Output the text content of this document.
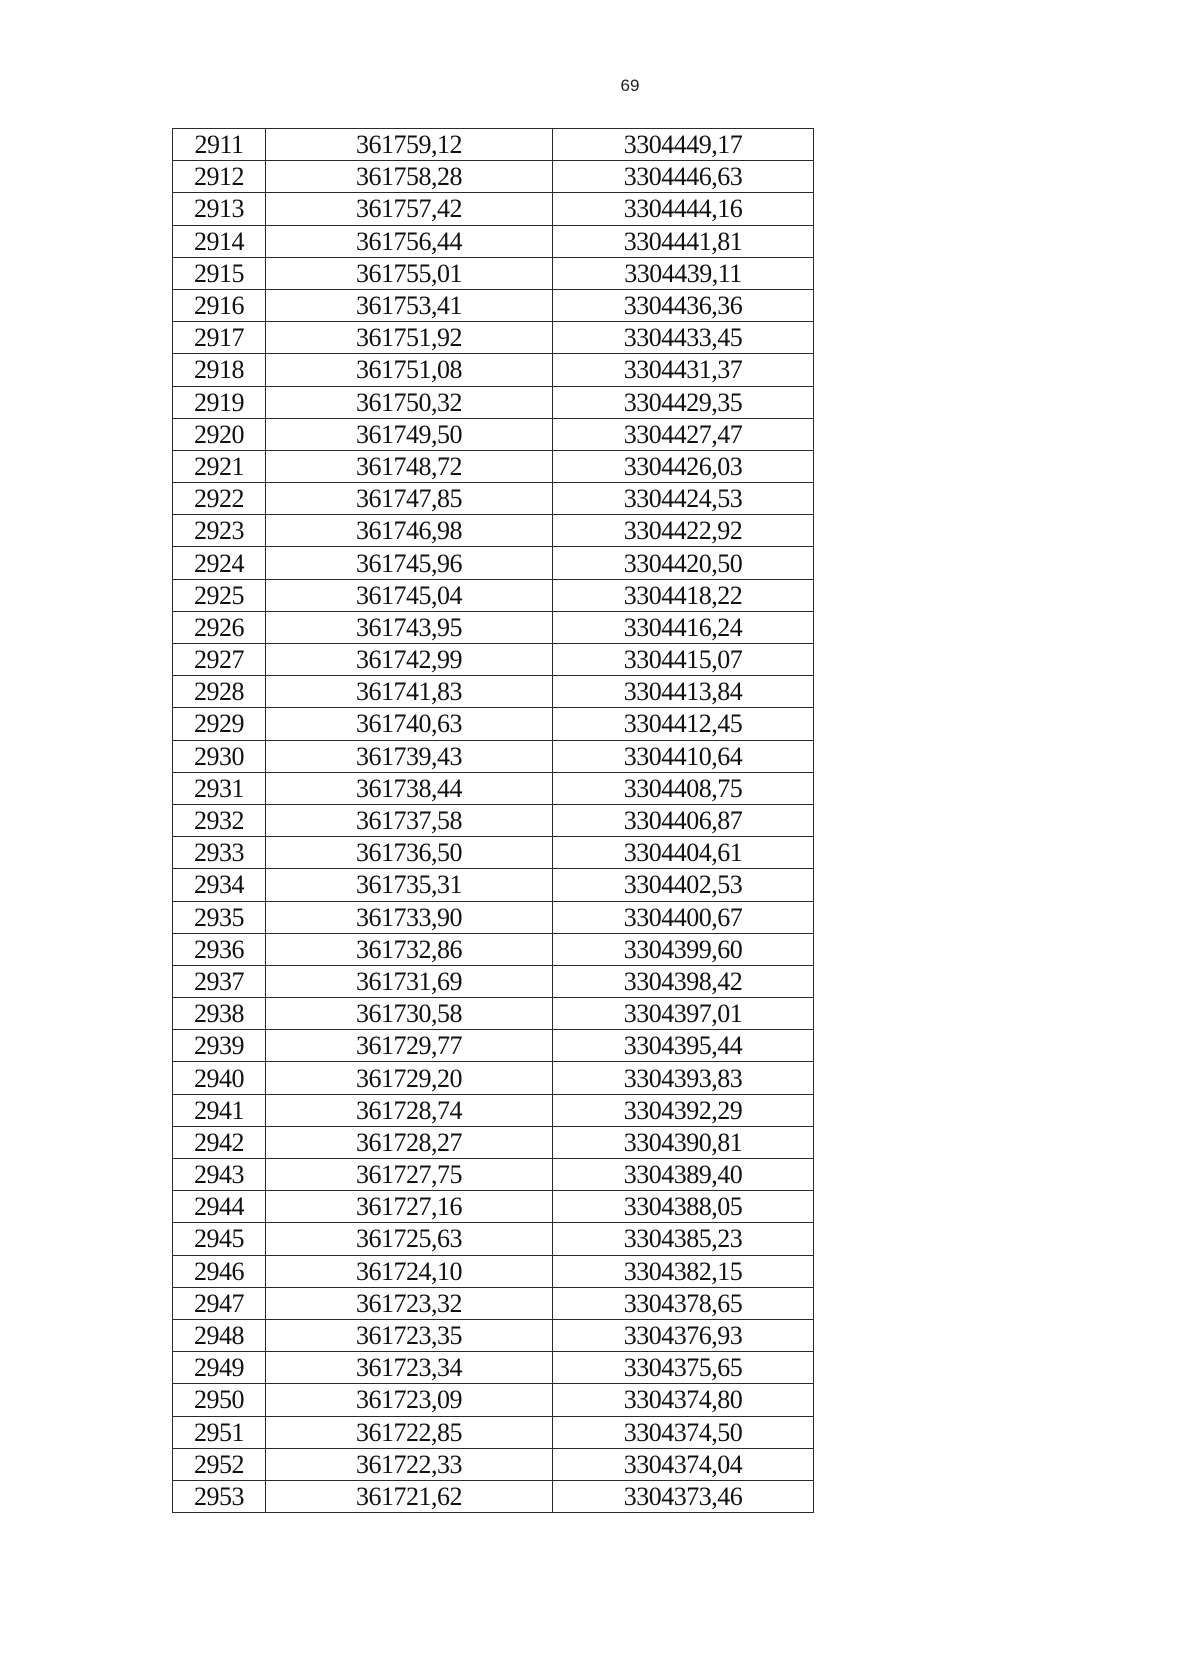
69
2911	361759,12	3304449,17
2912	361758,28	3304446,63
2913	361757,42	3304444,16
2914	361756,44	3304441,81
2915	361755,01	3304439,11
2916	361753,41	3304436,36
2917	361751,92	3304433,45
2918	361751,08	3304431,37
2919	361750,32	3304429,35
2920	361749,50	3304427,47
2921	361748,72	3304426,03
2922	361747,85	3304424,53
2923	361746,98	3304422,92
2924	361745,96	3304420,50
2925	361745,04	3304418,22
2926	361743,95	3304416,24
2927	361742,99	3304415,07
2928	361741,83	3304413,84
2929	361740,63	3304412,45
2930	361739,43	3304410,64
2931	361738,44	3304408,75
2932	361737,58	3304406,87
2933	361736,50	3304404,61
2934	361735,31	3304402,53
2935	361733,90	3304400,67
2936	361732,86	3304399,60
2937	361731,69	3304398,42
2938	361730,58	3304397,01
2939	361729,77	3304395,44
2940	361729,20	3304393,83
2941	361728,74	3304392,29
2942	361728,27	3304390,81
2943	361727,75	3304389,40
2944	361727,16	3304388,05
2945	361725,63	3304385,23
2946	361724,10	3304382,15
2947	361723,32	3304378,65
2948	361723,35	3304376,93
2949	361723,34	3304375,65
2950	361723,09	3304374,80
2951	361722,85	3304374,50
2952	361722,33	3304374,04
2953	361721,62	3304373,46
